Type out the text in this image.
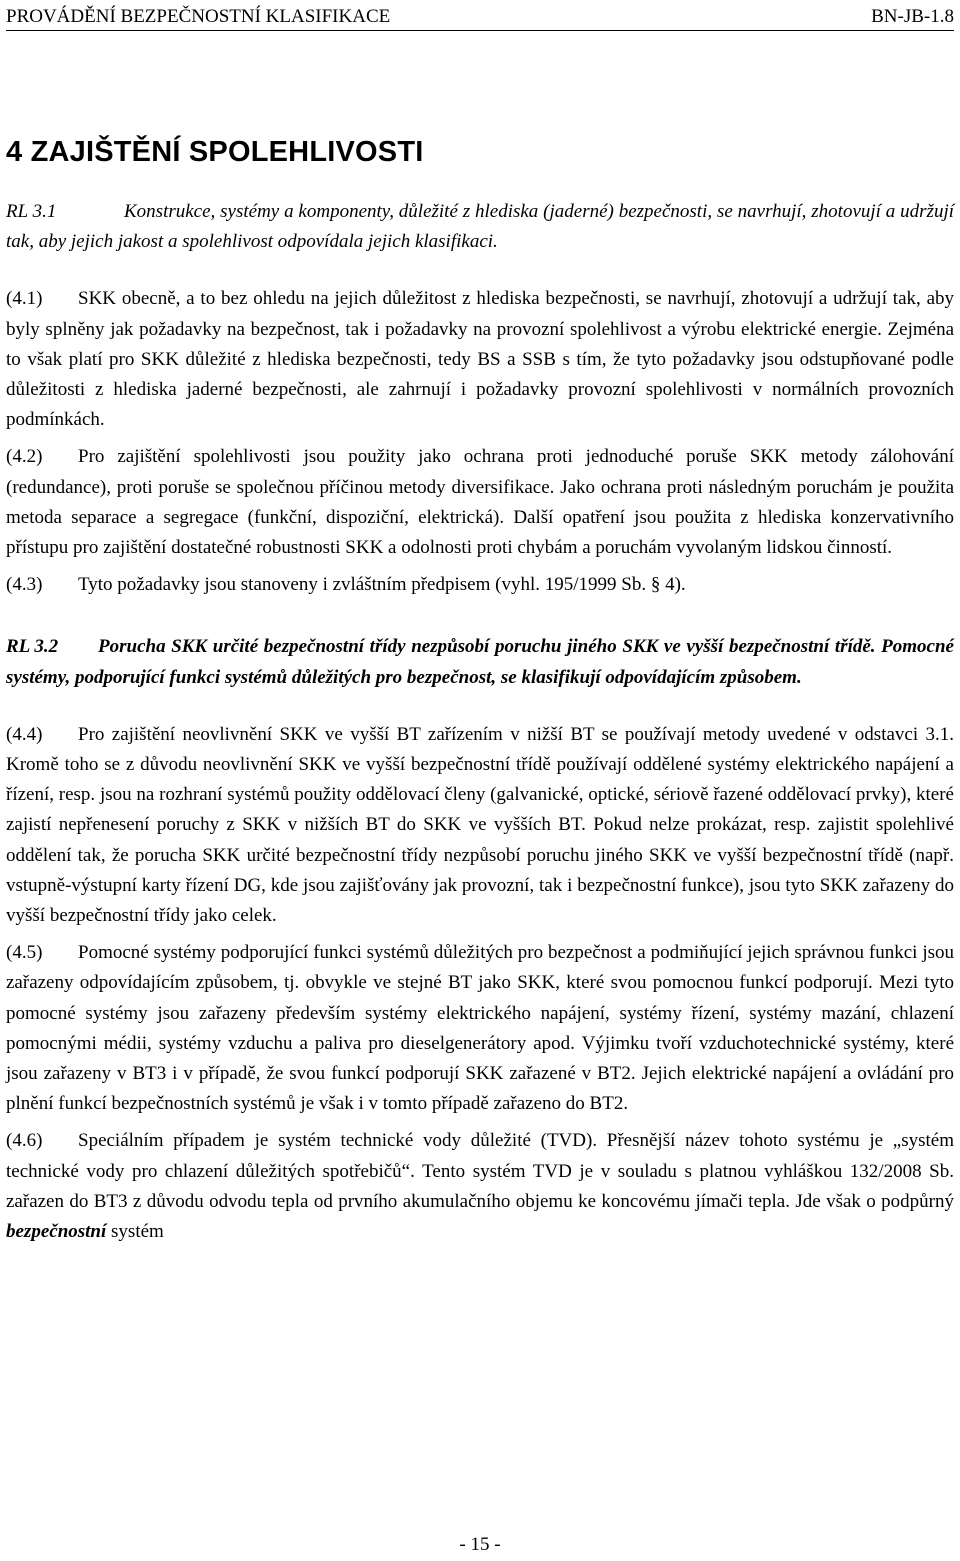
PROVÁDĚNÍ BEZPEČNOSTNÍ KLASIFIKACE	BN-JB-1.8
4 ZAJIŠTĚNÍ SPOLEHLIVOSTI

RL 3.1	Konstrukce, systémy a komponenty, důležité z hlediska (jaderné) bezpečnosti, se navrhují, zhotovují a udržují tak, aby jejich jakost a spolehlivost odpovídala jejich klasifikaci.

(4.1) SKK obecně, a to bez ohledu na jejich důležitost z hlediska bezpečnosti, se navrhují, zhotovují a udržují tak, aby byly splněny jak požadavky na bezpečnost, tak i požadavky na provozní spolehlivost a výrobu elektrické energie. Zejména to však platí pro SKK důležité z hlediska bezpečnosti, tedy BS a SSB s tím, že tyto požadavky jsou odstupňované podle důležitosti z hlediska jaderné bezpečnosti, ale zahrnují i požadavky provozní spolehlivosti v normálních provozních podmínkách.

(4.2) Pro zajištění spolehlivosti jsou použity jako ochrana proti jednoduché poruše SKK metody zálohování (redundance), proti poruše se společnou příčinou metody diversifikace. Jako ochrana proti následným poruchám je použita metoda separace a segregace (funkční, dispoziční, elektrická). Další opatření jsou použita z hlediska konzervativního přístupu pro zajištění dostatečné robustnosti SKK a odolnosti proti chybám a poruchám vyvolaným lidskou činností.

(4.3) Tyto požadavky jsou stanoveny i zvláštním předpisem (vyhl. 195/1999 Sb. § 4).

RL 3.2 Porucha SKK určité bezpečnostní třídy nezpůsobí poruchu jiného SKK ve vyšší bezpečnostní třídě. Pomocné systémy, podporující funkci systémů důležitých pro bezpečnost, se klasifikují odpovídajícím způsobem.

(4.4) Pro zajištění neovlivnění SKK ve vyšší BT zařízením v nižší BT se používají metody uvedené v odstavci 3.1. Kromě toho se z důvodu neovlivnění SKK ve vyšší bezpečnostní třídě používají oddělené systémy elektrického napájení a řízení, resp. jsou na rozhraní systémů použity oddělovací členy (galvanické, optické, sériově řazené oddělovací prvky), které zajistí nepřenesení poruchy z SKK v nižších BT do SKK ve vyšších BT. Pokud nelze prokázat, resp. zajistit spolehlivé oddělení tak, že porucha SKK určité bezpečnostní třídy nezpůsobí poruchu jiného SKK ve vyšší bezpečnostní třídě (např. vstupně-výstupní karty řízení DG, kde jsou zajišťovány jak provozní, tak i bezpečnostní funkce), jsou tyto SKK zařazeny do vyšší bezpečnostní třídy jako celek.

(4.5) Pomocné systémy podporující funkci systémů důležitých pro bezpečnost a podmiňující jejich správnou funkci jsou zařazeny odpovídajícím způsobem, tj. obvykle ve stejné BT jako SKK, které svou pomocnou funkcí podporují. Mezi tyto pomocné systémy jsou zařazeny především systémy elektrického napájení, systémy řízení, systémy mazání, chlazení pomocnými médii, systémy vzduchu a paliva pro dieselgenerátory apod. Výjimku tvoří vzduchotechnické systémy, které jsou zařazeny v BT3 i v případě, že svou funkcí podporují SKK zařazené v BT2. Jejich elektrické napájení a ovládání pro plnění funkcí bezpečnostních systémů je však i v tomto případě zařazeno do BT2.

(4.6) Speciálním případem je systém technické vody důležité (TVD). Přesnější název tohoto systému je „systém technické vody pro chlazení důležitých spotřebičů“. Tento systém TVD je v souladu s platnou vyhláškou 132/2008 Sb. zařazen do BT3 z důvodu odvodu tepla od prvního akumulačního objemu ke koncovému jímači tepla. Jde však o podpůrný bezpečnostní systém

- 15 -
